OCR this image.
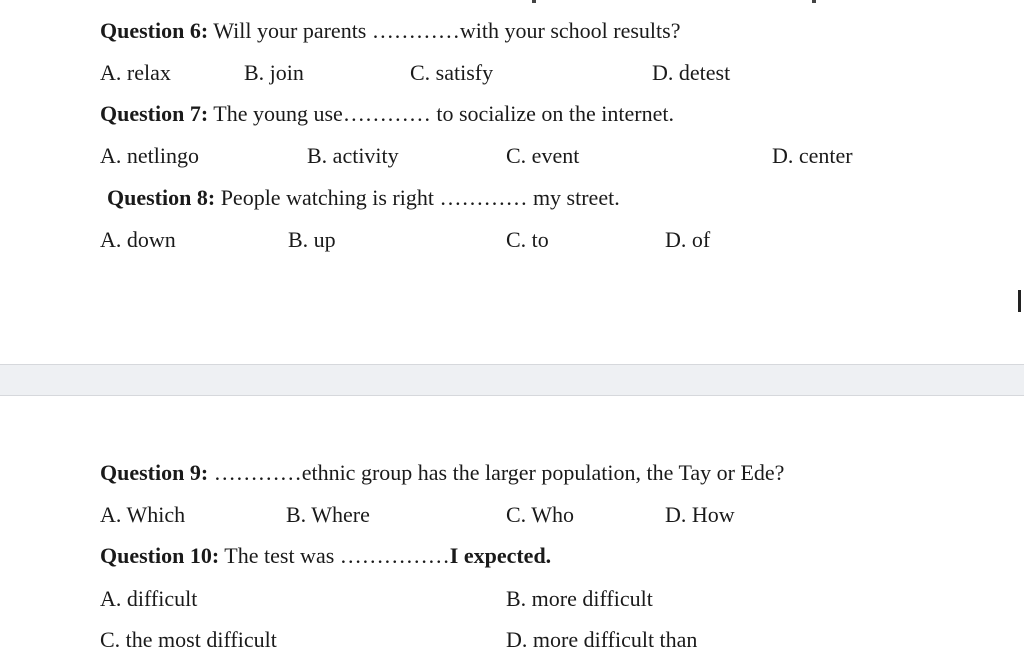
Question 6: Will your parents …………with your school results?
A. relax	B. join	C. satisfy	D. detest
Question 7: The young use………… to socialize on the internet.
A. netlingo	B. activity	C. event	D. center
Question 8: People watching is right ………… my street.
A. down	B. up	C. to	D. of
Question 9: …………ethnic group has the larger population, the Tay or Ede?
A. Which	B. Where	C. Who	D. How
Question 10: The test was ……………I expected.
A. difficult	B. more difficult
C. the most difficult	D. more difficult than
